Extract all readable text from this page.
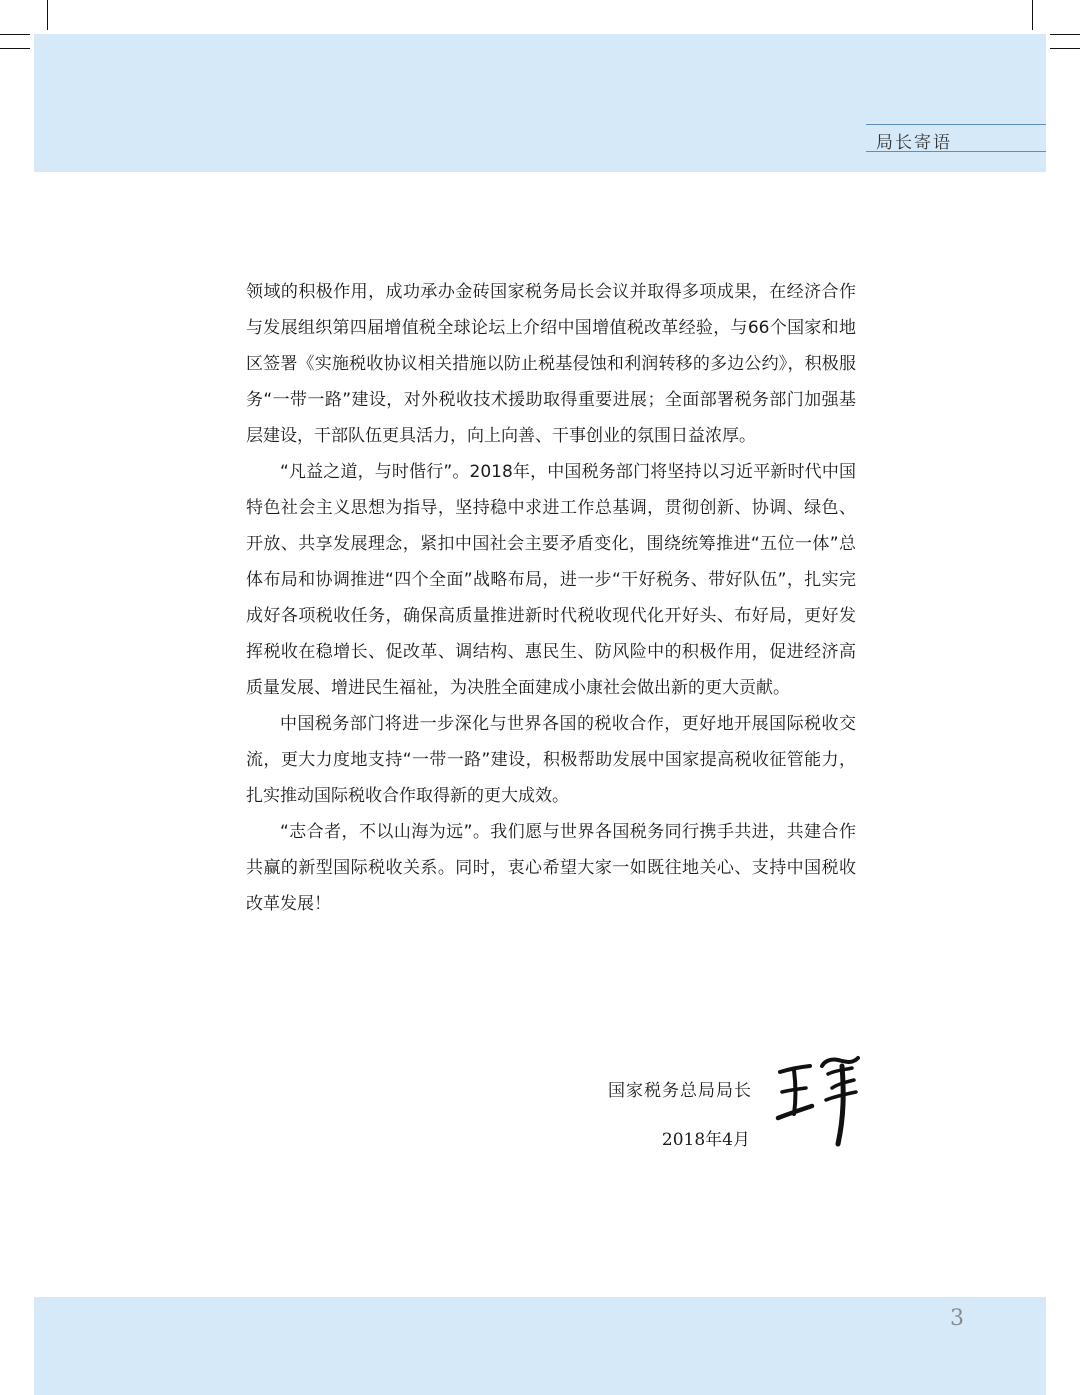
局长寄语

领域的积极作用，成功承办金砖国家税务局长会议并取得多项成果，在经济合作与发展组织第四届增值税全球论坛上介绍中国增值税改革经验，与66个国家和地区签署《实施税收协议相关措施以防止税基侵蚀和利润转移的多边公约》，积极服务“一带一路”建设，对外税收技术援助取得重要进展；全面部署税务部门加强基层建设，干部队伍更具活力，向上向善、干事创业的氛围日益浓厚。

“凡益之道，与时偕行”。2018年，中国税务部门将坚持以习近平新时代中国特色社会主义思想为指导，坚持稳中求进工作总基调，贯彻创新、协调、绿色、开放、共享发展理念，紧扣中国社会主要矛盾变化，围绕统筹推进“五位一体”总体布局和协调推进“四个全面”战略布局，进一步“干好税务、带好队伍”，扎实完成好各项税收任务，确保高质量推进新时代税收现代化开好头、布好局，更好发挥税收在稳增长、促改革、调结构、惠民生、防风险中的积极作用，促进经济高质量发展、增进民生福祉，为决胜全面建成小康社会做出新的更大贡献。

中国税务部门将进一步深化与世界各国的税收合作，更好地开展国际税收交流，更大力度地支持“一带一路”建设，积极帮助发展中国家提高税收征管能力，扎实推动国际税收合作取得新的更大成效。

“志合者，不以山海为远”。我们愿与世界各国税务同行携手共进，共建合作共赢的新型国际税收关系。同时，衷心希望大家一如既往地关心、支持中国税收改革发展！

国家税务总局局长
2018年4月
3
